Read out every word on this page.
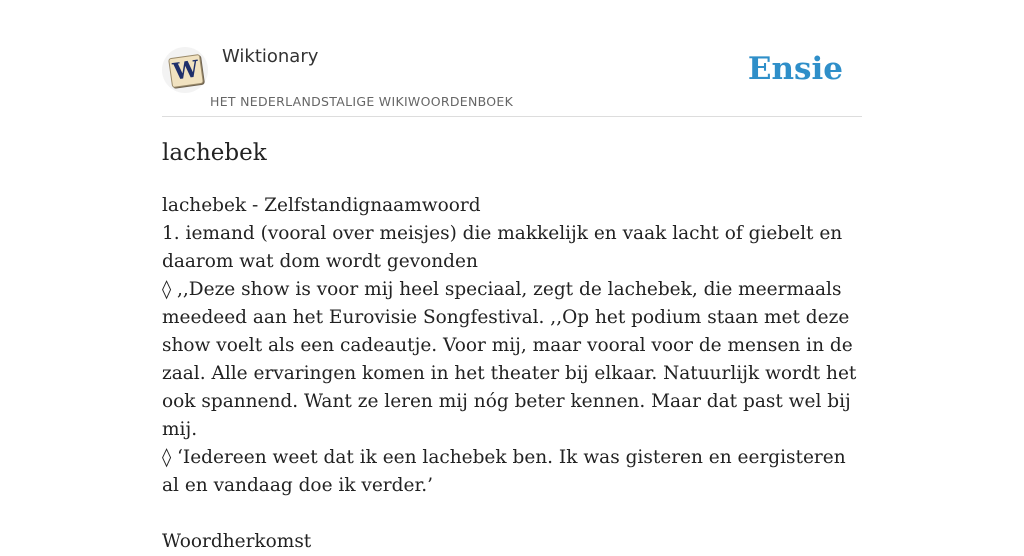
W Wiktionary
HET NEDERLANDSTALIGE WIKIWOORDENBOEK
Ensie
lachebek

lachebek - Zelfstandignaamwoord

1. iemand (vooral over meisjes) die makkelijk en vaak lacht of giebelt en daarom wat dom wordt gevonden

◊ ,,Deze show is voor mij heel speciaal, zegt de lachebek, die meermaals meedeed aan het Eurovisie Songfestival. ,,Op het podium staan met deze show voelt als een cadeautje. Voor mij, maar vooral voor de mensen in de zaal. Alle ervaringen komen in het theater bij elkaar. Natuurlijk wordt het ook spannend. Want ze leren mij nóg beter kennen. Maar dat past wel bij mij.

◊ ‘Iedereen weet dat ik een lachebek ben. Ik was gisteren en eergisteren al en vandaag doe ik verder.’

Woordherkomst
